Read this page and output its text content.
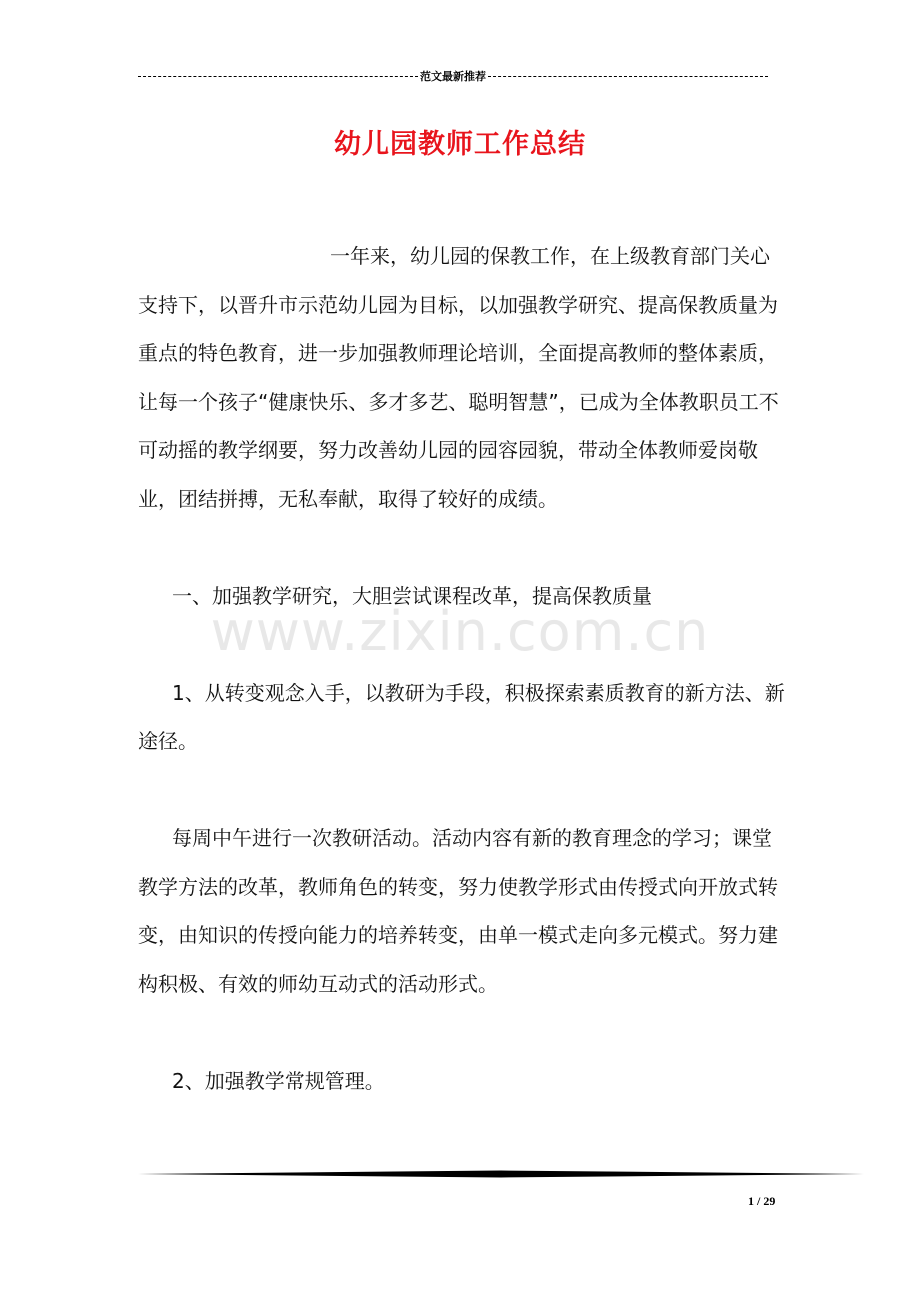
范文最新推荐
幼儿园教师工作总结
www.zixin.com.cn

一年来，幼儿园的保教工作，在上级教育部门关心支持下，以晋升市示范幼儿园为目标，以加强教学研究、提高保教质量为重点的特色教育，进一步加强教师理论培训，全面提高教师的整体素质，让每一个孩子“健康快乐、多才多艺、聪明智慧”，已成为全体教职员工不可动摇的教学纲要，努力改善幼儿园的园容园貌，带动全体教师爱岗敬业，团结拼搏，无私奉献，取得了较好的成绩。

一、加强教学研究，大胆尝试课程改革，提高保教质量

1、从转变观念入手，以教研为手段，积极探索素质教育的新方法、新途径。

每周中午进行一次教研活动。活动内容有新的教育理念的学习；课堂教学方法的改革，教师角色的转变，努力使教学形式由传授式向开放式转变，由知识的传授向能力的培养转变，由单一模式走向多元模式。努力建构积极、有效的师幼互动式的活动形式。

2、加强教学常规管理。

1 / 29
